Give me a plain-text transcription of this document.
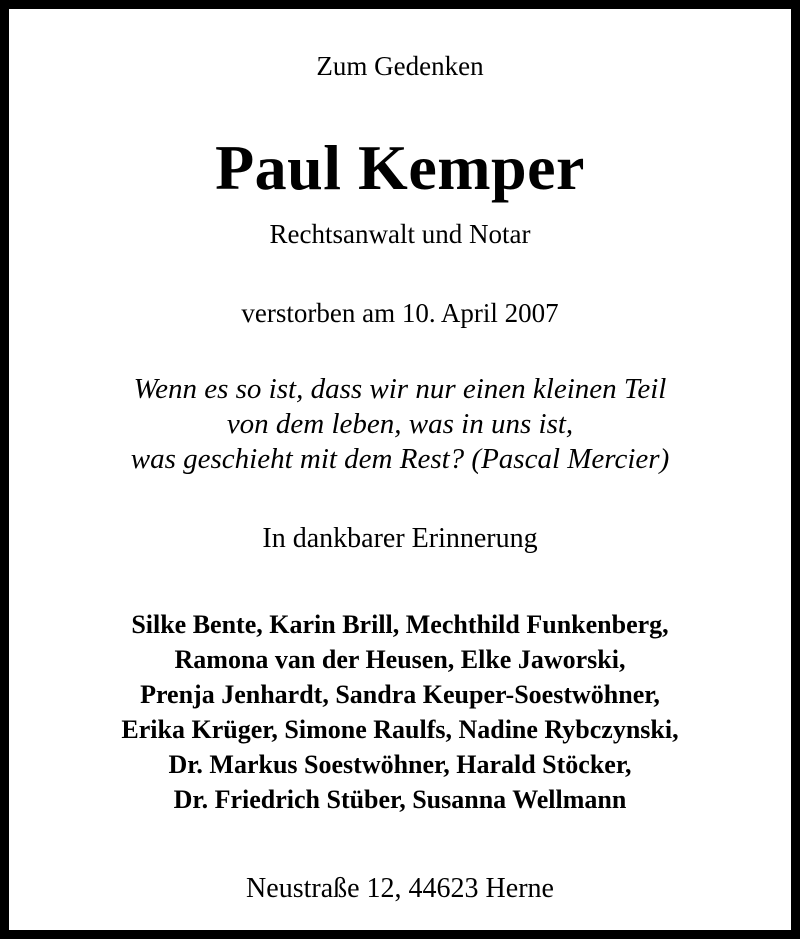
Zum Gedenken
Paul Kemper
Rechtsanwalt und Notar
verstorben am 10. April 2007
Wenn es so ist, dass wir nur einen kleinen Teil
von dem leben, was in uns ist,
was geschieht mit dem Rest? (Pascal Mercier)
In dankbarer Erinnerung
Silke Bente, Karin Brill, Mechthild Funkenberg,
Ramona van der Heusen, Elke Jaworski,
Prenja Jenhardt, Sandra Keuper-Soestwöhner,
Erika Krüger, Simone Raulfs, Nadine Rybczynski,
Dr. Markus Soestwöhner, Harald Stöcker,
Dr. Friedrich Stüber, Susanna Wellmann
Neustraße 12, 44623 Herne
